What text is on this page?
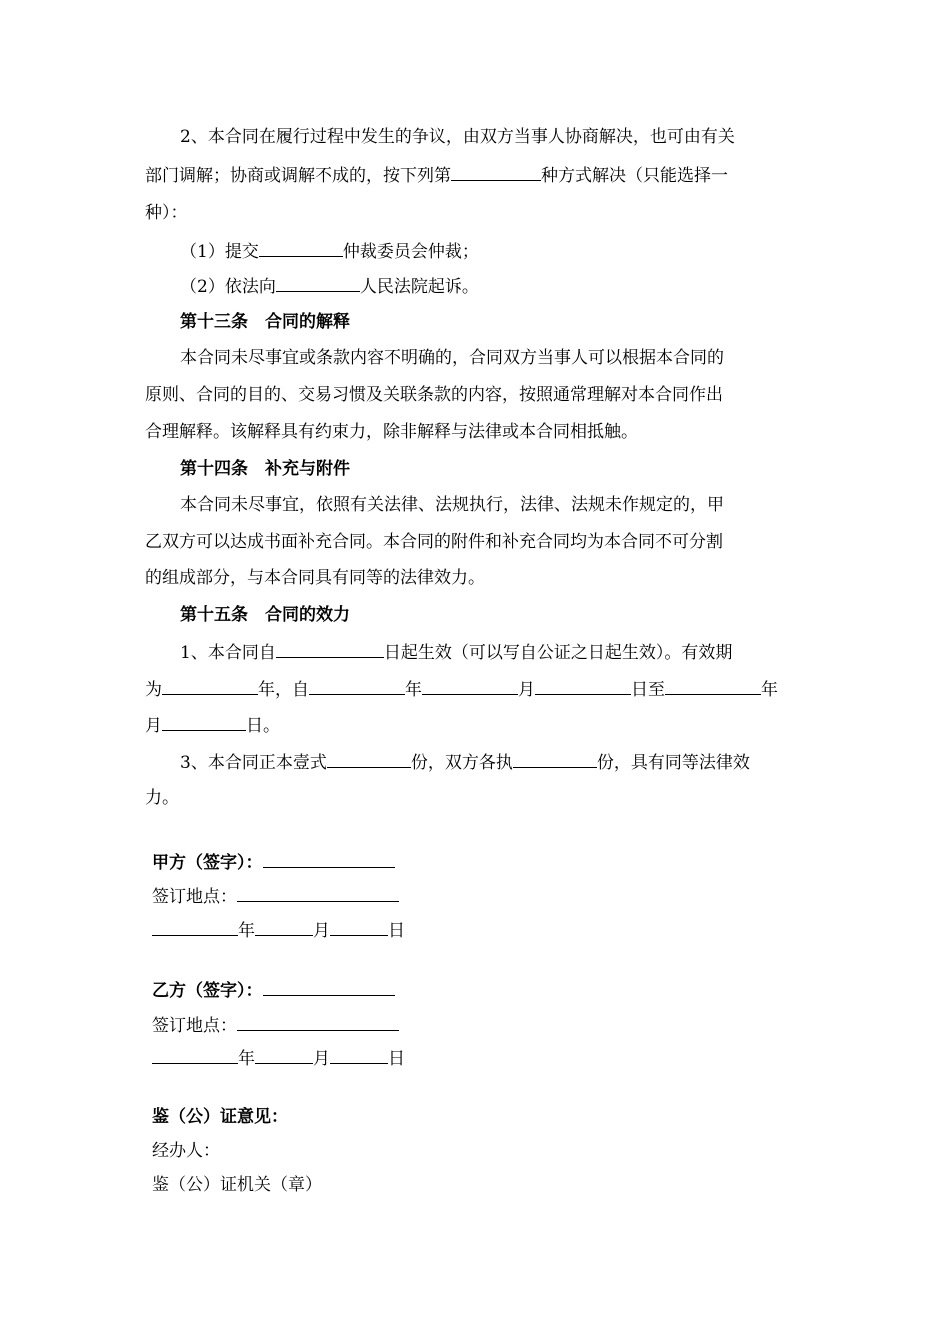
2、本合同在履行过程中发生的争议，由双方当事人协商解决，也可由有关
部门调解；协商或调解不成的，按下列第	种方式解决（只能选择一
种）：
（1）提交	仲裁委员会仲裁；
（2）依法向	人民法院起诉。
第十三条　合同的解释
本合同未尽事宜或条款内容不明确的，合同双方当事人可以根据本合同的
原则、合同的目的、交易习惯及关联条款的内容，按照通常理解对本合同作出
合理解释。该解释具有约束力，除非解释与法律或本合同相抵触。
第十四条　补充与附件
本合同未尽事宜，依照有关法律、法规执行，法律、法规未作规定的，甲
乙双方可以达成书面补充合同。本合同的附件和补充合同均为本合同不可分割
的组成部分，与本合同具有同等的法律效力。
第十五条　合同的效力
1、本合同自	日起生效（可以写自公证之日起生效）。有效期
为	年，自	年	月	日至	年
月	日。
3、本合同正本壹式	份，双方各执	份，具有同等法律效
力。
甲方（签字）：
签订地点：
年	月	日
乙方（签字）：
签订地点：
年	月	日
鉴（公）证意见：
经办人：
鉴（公）证机关（章）
